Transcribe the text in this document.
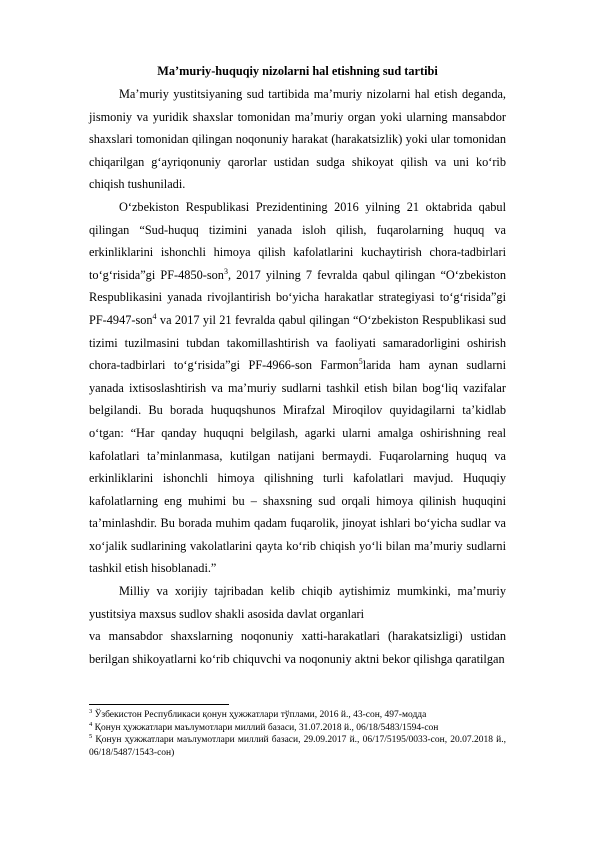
Ma’muriy-huquqiy nizolarni hal etishning sud tartibi

Ma’muriy yustitsiyaning sud tartibida ma’muriy nizolarni hal etish deganda, jismoniy va yuridik shaxslar tomonidan ma’muriy organ yoki ularning mansabdor shaxslari tomonidan qilingan noqonuniy harakat (harakatsizlik) yoki ular tomonidan chiqarilgan g‘ayriqonuniy qarorlar ustidan sudga shikoyat qilish va uni ko‘rib chiqish tushuniladi.

O‘zbekiston Respublikasi Prezidentining 2016 yilning 21 oktabrida qabul qilingan “Sud-huquq tizimini yanada isloh qilish, fuqarolarning huquq va erkinliklarini ishonchli himoya qilish kafolatlarini kuchaytirish chora-tadbirlari to‘g‘risida”gi PF-4850-son$^3$, 2017 yilning 7 fevralda qabul qilingan “O‘zbekiston Respublikasini yanada rivojlantirish bo‘yicha harakatlar strategiyasi to‘g‘risida”gi PF-4947-son$^4$ va 2017 yil 21 fevralda qabul qilingan “O‘zbekiston Respublikasi sud tizimi tuzilmasini tubdan takomillashtirish va faoliyati samaradorligini oshirish chora-tadbirlari to‘g‘risida”gi PF-4966-son Farmon$^5$larida ham aynan sudlarni yanada ixtisoslashtirish va ma’muriy sudlarni tashkil etish bilan bog‘liq vazifalar belgilandi. Bu borada huquqshunos Mirafzal Miroqilov quyidagilarni ta’kidlab o‘tgan: “Har qanday huquqni belgilash, agarki ularni amalga oshirishning real kafolatlari ta’minlanmasa, kutilgan natijani bermaydi. Fuqarolarning huquq va erkinliklarini ishonchli himoya qilishning turli kafolatlari mavjud. Huquqiy kafolatlarning eng muhimi bu – shaxsning sud orqali himoya qilinish huquqini ta’minlashdir. Bu borada muhim qadam fuqarolik, jinoyat ishlari bo‘yicha sudlar va xo‘jalik sudlarining vakolatlarini qayta ko‘rib chiqish yo‘li bilan ma’muriy sudlarni tashkil etish hisoblanadi.”

Milliy va xorijiy tajribadan kelib chiqib aytishimiz mumkinki, ma’muriy yustitsiya maxsus sudlov shakli asosida davlat organlari
va mansabdor shaxslarning noqonuniy xatti-harakatlari (harakatsizligi) ustidan berilgan shikoyatlarni ko‘rib chiquvchi va noqonuniy aktni bekor qilishga qaratilgan

$^3$ Ўзбекистон Республикаси қонун ҳужжатлари тўплами, 2016 й., 43-сон, 497-модда

$^4$ Қонун ҳужжатлари маълумотлари миллий базаси, 31.07.2018 й., 06/18/5483/1594-сон

$^5$ Қонун ҳужжатлари маълумотлари миллий базаси, 29.09.2017 й., 06/17/5195/0033-сон, 20.07.2018 й., 06/18/5487/1543-сон)
